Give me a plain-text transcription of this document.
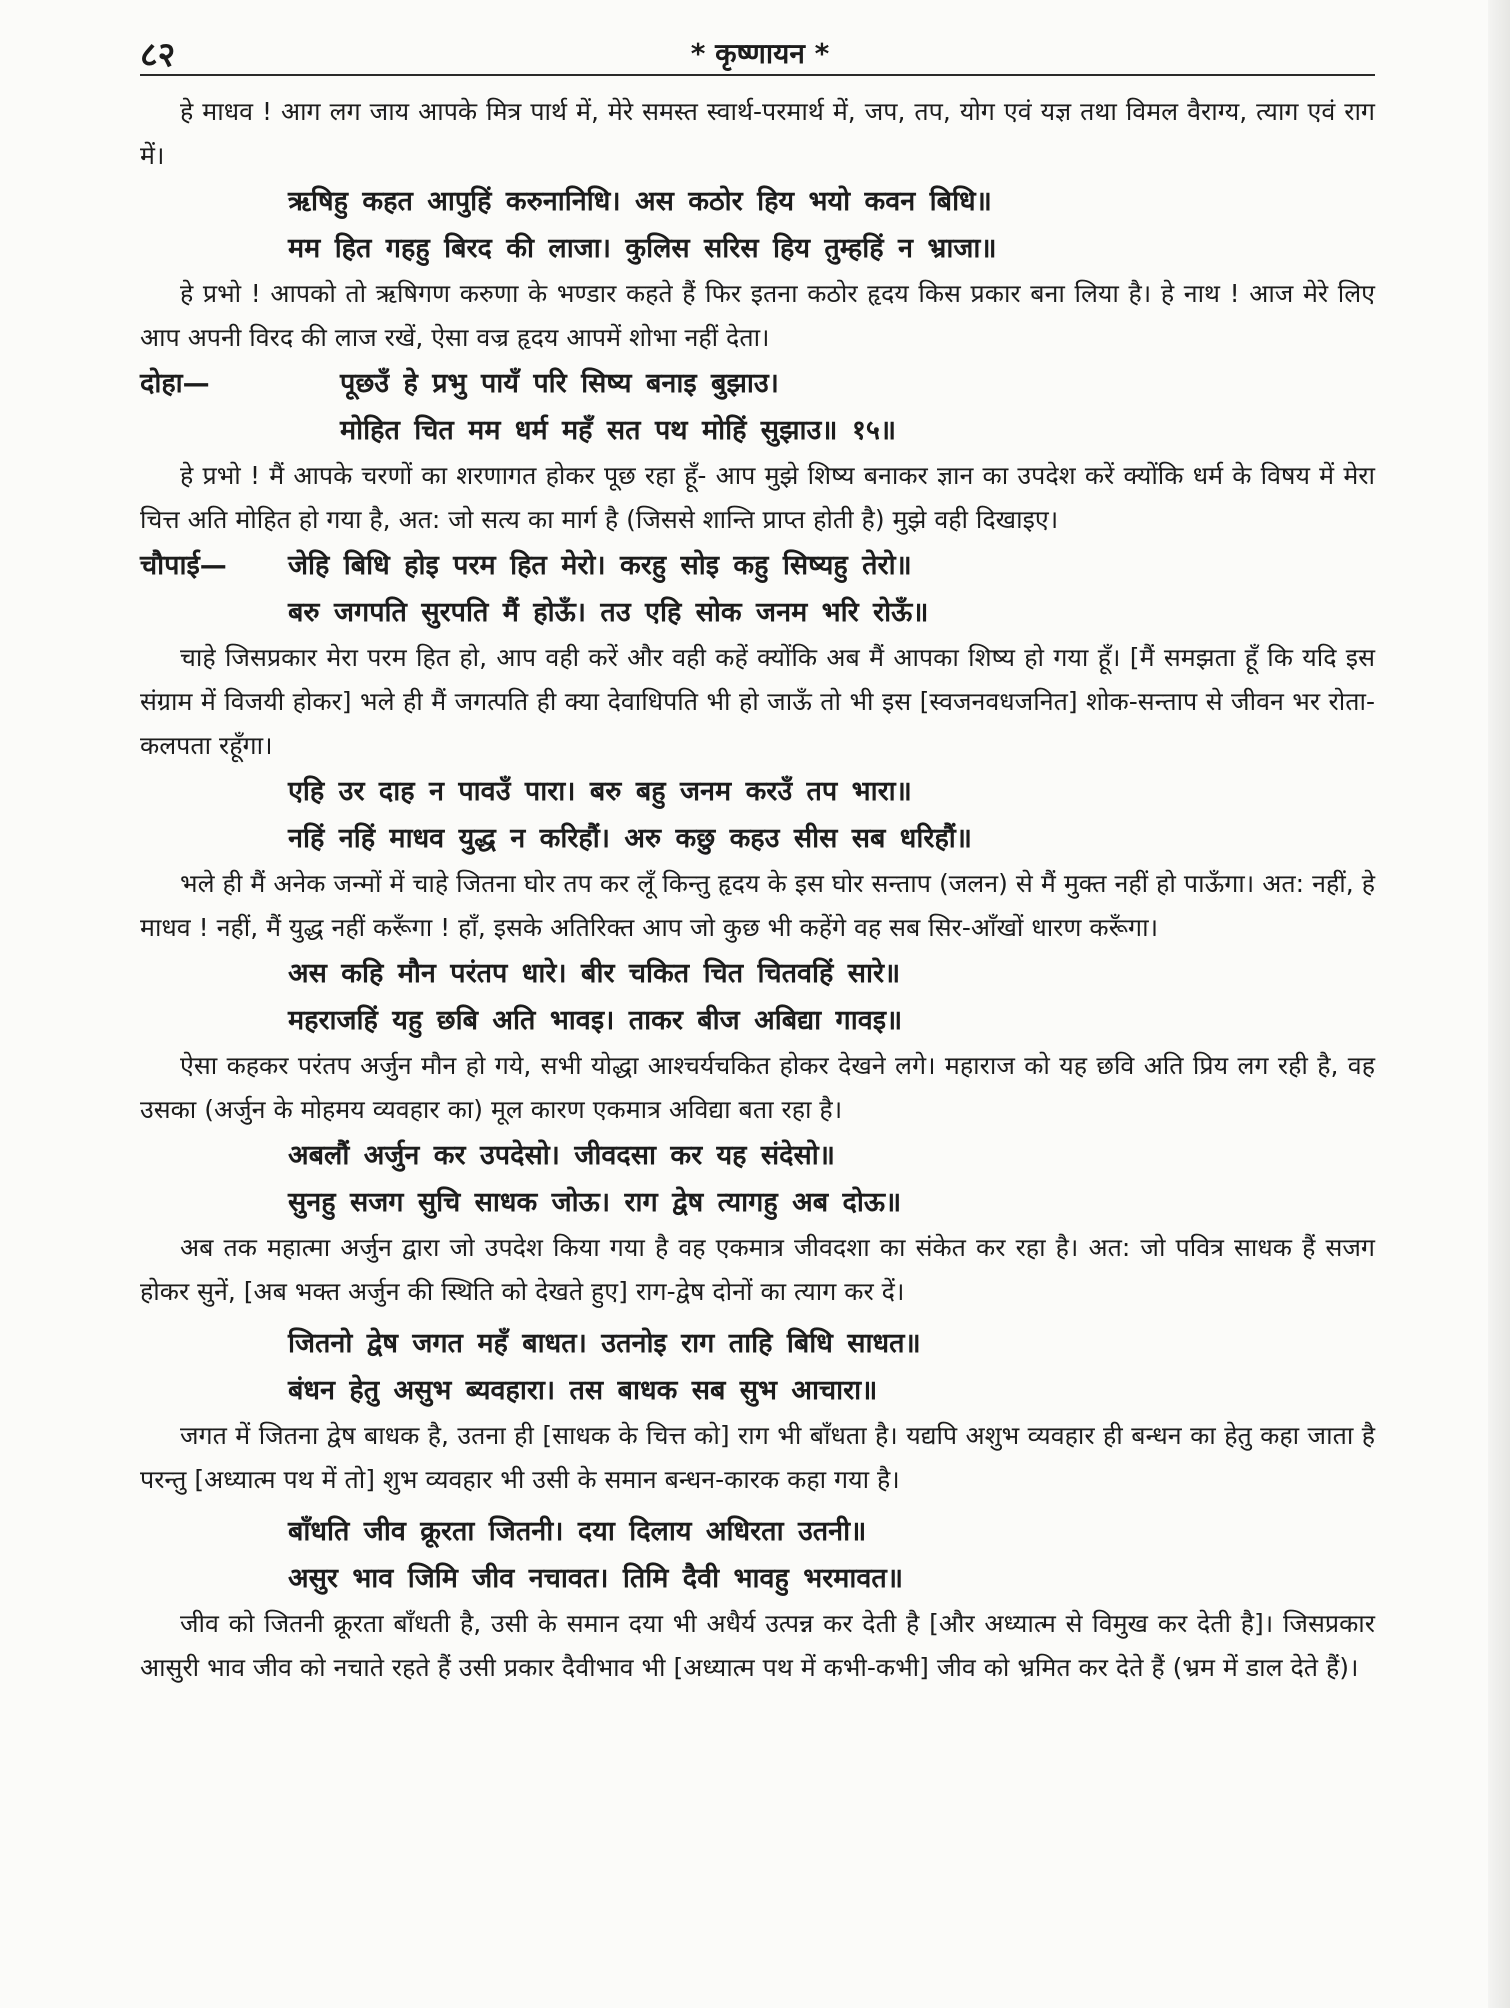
८२	* कृष्णायन *

हे माधव ! आग लग जाय आपके मित्र पार्थ में, मेरे समस्त स्वार्थ-परमार्थ में, जप, तप, योग एवं यज्ञ तथा विमल वैराग्य, त्याग एवं राग में।

ऋषिहु कहत आपुहिं करुनानिधि। अस कठोर हिय भयो कवन बिधि॥

मम हित गहहु बिरद की लाजा। कुलिस सरिस हिय तुम्हहिं न भ्राजा॥

हे प्रभो ! आपको तो ऋषिगण करुणा के भण्डार कहते हैं फिर इतना कठोर हृदय किस प्रकार बना लिया है। हे नाथ ! आज मेरे लिए आप अपनी विरद की लाज रखें, ऐसा वज्र हृदय आपमें शोभा नहीं देता।

दोहा—	पूछउँ हे प्रभु पायँ परि सिष्य बनाइ बुझाउ।

मोहित चित मम धर्म महँ सत पथ मोहिं सुझाउ॥ १५॥

हे प्रभो ! मैं आपके चरणों का शरणागत होकर पूछ रहा हूँ- आप मुझे शिष्य बनाकर ज्ञान का उपदेश करें क्योंकि धर्म के विषय में मेरा चित्त अति मोहित हो गया है, अत: जो सत्य का मार्ग है (जिससे शान्ति प्राप्त होती है) मुझे वही दिखाइए।

चौपाई—	जेहि बिधि होइ परम हित मेरो। करहु सोइ कहु सिष्यहु तेरो॥

बरु जगपति सुरपति मैं होऊँ। तउ एहि सोक जनम भरि रोऊँ॥

चाहे जिसप्रकार मेरा परम हित हो, आप वही करें और वही कहें क्योंकि अब मैं आपका शिष्य हो गया हूँ। [मैं समझता हूँ कि यदि इस संग्राम में विजयी होकर] भले ही मैं जगत्पति ही क्या देवाधिपति भी हो जाऊँ तो भी इस [स्वजनवधजनित] शोक-सन्ताप से जीवन भर रोता-कलपता रहूँगा।

एहि उर दाह न पावउँ पारा। बरु बहु जनम करउँ तप भारा॥

नहिं नहिं माधव युद्ध न करिहौं। अरु कछु कहउ सीस सब धरिहौं॥

भले ही मैं अनेक जन्मों में चाहे जितना घोर तप कर लूँ किन्तु हृदय के इस घोर सन्ताप (जलन) से मैं मुक्त नहीं हो पाऊँगा। अत: नहीं, हे माधव ! नहीं, मैं युद्ध नहीं करूँगा ! हाँ, इसके अतिरिक्त आप जो कुछ भी कहेंगे वह सब सिर-आँखों धारण करूँगा।

अस कहि मौन परंतप धारे। बीर चकित चित चितवहिं सारे॥

महराजहिं यहु छबि अति भावइ। ताकर बीज अबिद्या गावइ॥

ऐसा कहकर परंतप अर्जुन मौन हो गये, सभी योद्धा आश्चर्यचकित होकर देखने लगे। महाराज को यह छवि अति प्रिय लग रही है, वह उसका (अर्जुन के मोहमय व्यवहार का) मूल कारण एकमात्र अविद्या बता रहा है।

अबलौं अर्जुन कर उपदेसो। जीवदसा कर यह संदेसो॥

सुनहु सजग सुचि साधक जोऊ। राग द्वेष त्यागहु अब दोऊ॥

अब तक महात्मा अर्जुन द्वारा जो उपदेश किया गया है वह एकमात्र जीवदशा का संकेत कर रहा है। अत: जो पवित्र साधक हैं सजग होकर सुनें, [अब भक्त अर्जुन की स्थिति को देखते हुए] राग-द्वेष दोनों का त्याग कर दें।

जितनो द्वेष जगत महँ बाधत। उतनोइ राग ताहि बिधि साधत॥

बंधन हेतु असुभ ब्यवहारा। तस बाधक सब सुभ आचारा॥

जगत में जितना द्वेष बाधक है, उतना ही [साधक के चित्त को] राग भी बाँधता है। यद्यपि अशुभ व्यवहार ही बन्धन का हेतु कहा जाता है परन्तु [अध्यात्म पथ में तो] शुभ व्यवहार भी उसी के समान बन्धन-कारक कहा गया है।

बाँधति जीव क्रूरता जितनी। दया दिलाय अधिरता उतनी॥

असुर भाव जिमि जीव नचावत। तिमि दैवी भावहु भरमावत॥

जीव को जितनी क्रूरता बाँधती है, उसी के समान दया भी अधैर्य उत्पन्न कर देती है [और अध्यात्म से विमुख कर देती है]। जिसप्रकार आसुरी भाव जीव को नचाते रहते हैं उसी प्रकार दैवीभाव भी [अध्यात्म पथ में कभी-कभी] जीव को भ्रमित कर देते हैं (भ्रम में डाल देते हैं)।
